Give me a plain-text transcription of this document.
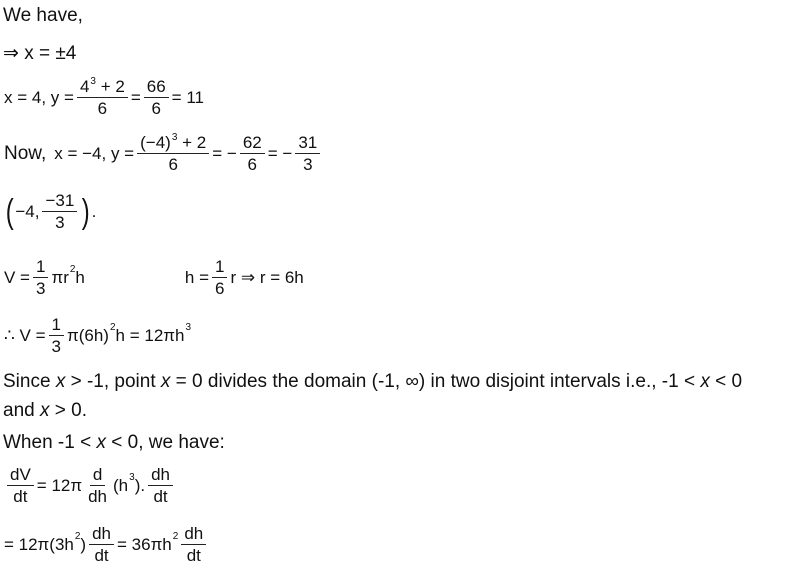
We have,
⇒ x = ±4
x = 4, $y = \frac{4^3 + 2}{6} = \frac{66}{6} = 11$
Now, x = −4, $y = \frac{(-4)^3 + 2}{6}$ = − $\frac{62}{6}$ = − $\frac{31}{3}$
( −4, $\frac{-31}{3}$ ) .
$V = \frac{1}{3} \pi r^2$ h	$h = \frac{1}{6}$ r ⇒ r = 6h
∴ $V = \frac{1}{3} \pi(6h)^2$ $h = 12\pi h^3$
Since x > -1, point x = 0 divides the domain (-1, ∞) in two disjoint intervals i.e., -1 < x < 0
and x > 0.
When -1 < x < 0, we have:
$\frac{dV}{dt} = 12\pi \frac{d}{dh} (h^3$ ). $\frac{dh}{dt}$
= $12\pi(3h^2$ ) $\frac{dh}{dt} = 36\pi h^2 \frac{dh}{dt}$
